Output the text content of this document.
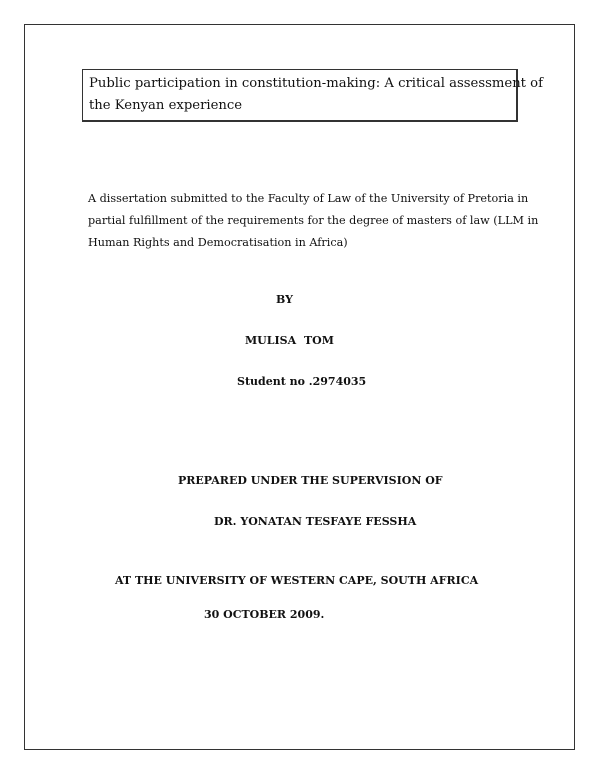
Public participation in constitution-making: A critical assessment of
the Kenyan experience
A dissertation submitted to the Faculty of Law of the University of Pretoria in
partial fulfillment of the requirements for the degree of masters of law (LLM in
Human Rights and Democratisation in Africa)
BY
MULISA TOM
Student no .2974035
PREPARED UNDER THE SUPERVISION OF
DR. YONATAN TESFAYE FESSHA
AT THE UNIVERSITY OF WESTERN CAPE, SOUTH AFRICA
30 OCTOBER 2009.
